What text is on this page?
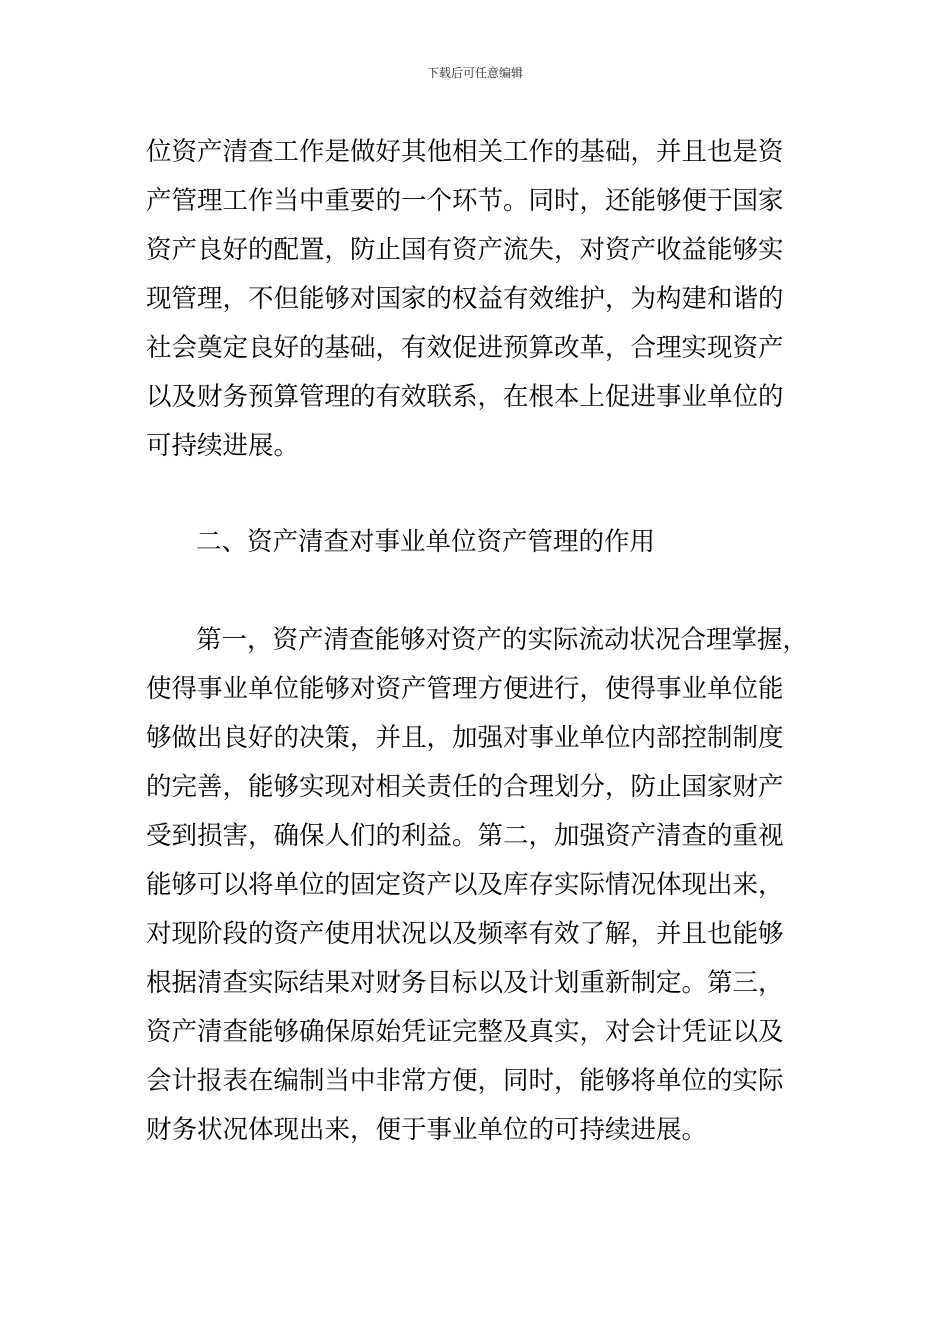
下载后可任意编辑
位资产清查工作是做好其他相关工作的基础，并且也是资
产管理工作当中重要的一个环节。同时，还能够便于国家
资产良好的配置，防止国有资产流失，对资产收益能够实
现管理，不但能够对国家的权益有效维护，为构建和谐的
社会奠定良好的基础，有效促进预算改革，合理实现资产
以及财务预算管理的有效联系，在根本上促进事业单位的
可持续进展。
二、资产清查对事业单位资产管理的作用
第一，资产清查能够对资产的实际流动状况合理掌握，
使得事业单位能够对资产管理方便进行，使得事业单位能
够做出良好的决策，并且，加强对事业单位内部控制制度
的完善，能够实现对相关责任的合理划分，防止国家财产
受到损害，确保人们的利益。第二，加强资产清查的重视
能够可以将单位的固定资产以及库存实际情况体现出来，
对现阶段的资产使用状况以及频率有效了解，并且也能够
根据清查实际结果对财务目标以及计划重新制定。第三，
资产清查能够确保原始凭证完整及真实，对会计凭证以及
会计报表在编制当中非常方便，同时，能够将单位的实际
财务状况体现出来，便于事业单位的可持续进展。
